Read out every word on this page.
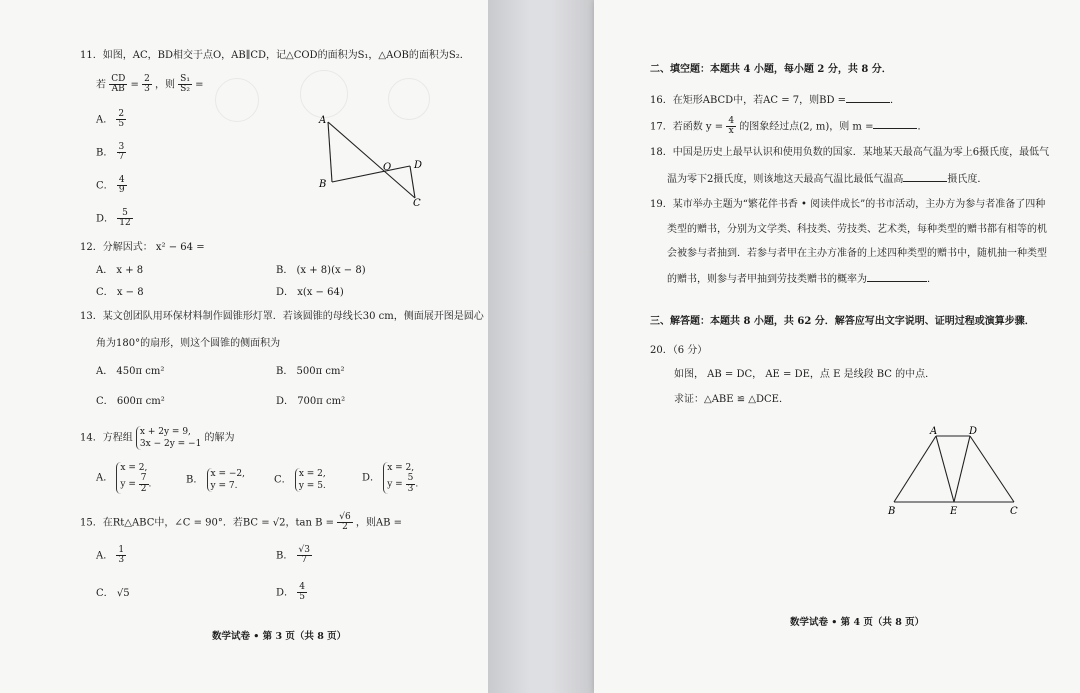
11．如图，AC，BD相交于点O，AB∥CD，记△COD的面积为S₁，△AOB的面积为S₂．
若 $\frac{CD}{AB} = \frac{2}{3}$ ，则 $\frac{\text{S₁}}{\text{S₂}}$ =
A． $\frac{2}{5}$
B． $\frac{3}{7}$
C． $\frac{4}{9}$
D． $\frac{5}{12}$
A
B
O D
C
12．分解因式： x² − 64 =
A． x + 8	B． (x + 8)(x − 8)
C． x − 8	D． x(x − 64)
13．某文创团队用环保材料制作圆锥形灯罩．若该圆锥的母线长30 cm，侧面展开图是圆心
角为180°的扇形，则这个圆锥的侧面积为
A． 450π cm²	B． 500π cm²
C． 600π cm²	D． 700π cm²
14．方程组
x + 2y = 9,
3x − 2y = −1
的解为
A．
x = 2,
$y = \frac{7}{2}$ .	B．
x = −2,
y = 7.
C．
x = 2,
y = 5.
D．
x = 2,
$y = \frac{5}{3}$ .
15．在Rt△ABC中，∠C = 90°．若BC = √2，$\tan B = \frac{√6}{2}$ ，则AB =
A． $\frac{1}{3}$	B． $\frac{√3}{7}$
C． √5	D． $\frac{4}{5}$
数学试卷 • 第 3 页（共 8 页）
二、填空题：本题共 4 小题，每小题 2 分，共 8 分．
16．在矩形ABCD中，若AC = 7，则BD =	．
17．若函数 $y = \frac{4}{x}$ 的图象经过点(2, m)，则 m =	．
18．中国是历史上最早认识和使用负数的国家．某地某天最高气温为零上6摄氏度，最低气
温为零下2摄氏度，则该地这天最高气温比最低气温高	摄氏度．
19．某市举办主题为“繁花伴书香 • 阅读伴成长”的书市活动，主办方为参与者准备了四种
类型的赠书，分别为文学类、科技类、劳技类、艺术类，每种类型的赠书都有相等的机
会被参与者抽到．若参与者甲在主办方准备的上述四种类型的赠书中，随机抽一种类型
的赠书，则参与者甲抽到劳技类赠书的概率为	．
三、解答题：本题共 8 小题，共 62 分．解答应写出文字说明、证明过程或演算步骤．
20．（6 分）
如图， AB = DC， AE = DE，点 E 是线段 BC 的中点．
求证：△ABE ≌ △DCE．
A	D
B	E	C
数学试卷 • 第 4 页（共 8 页）
